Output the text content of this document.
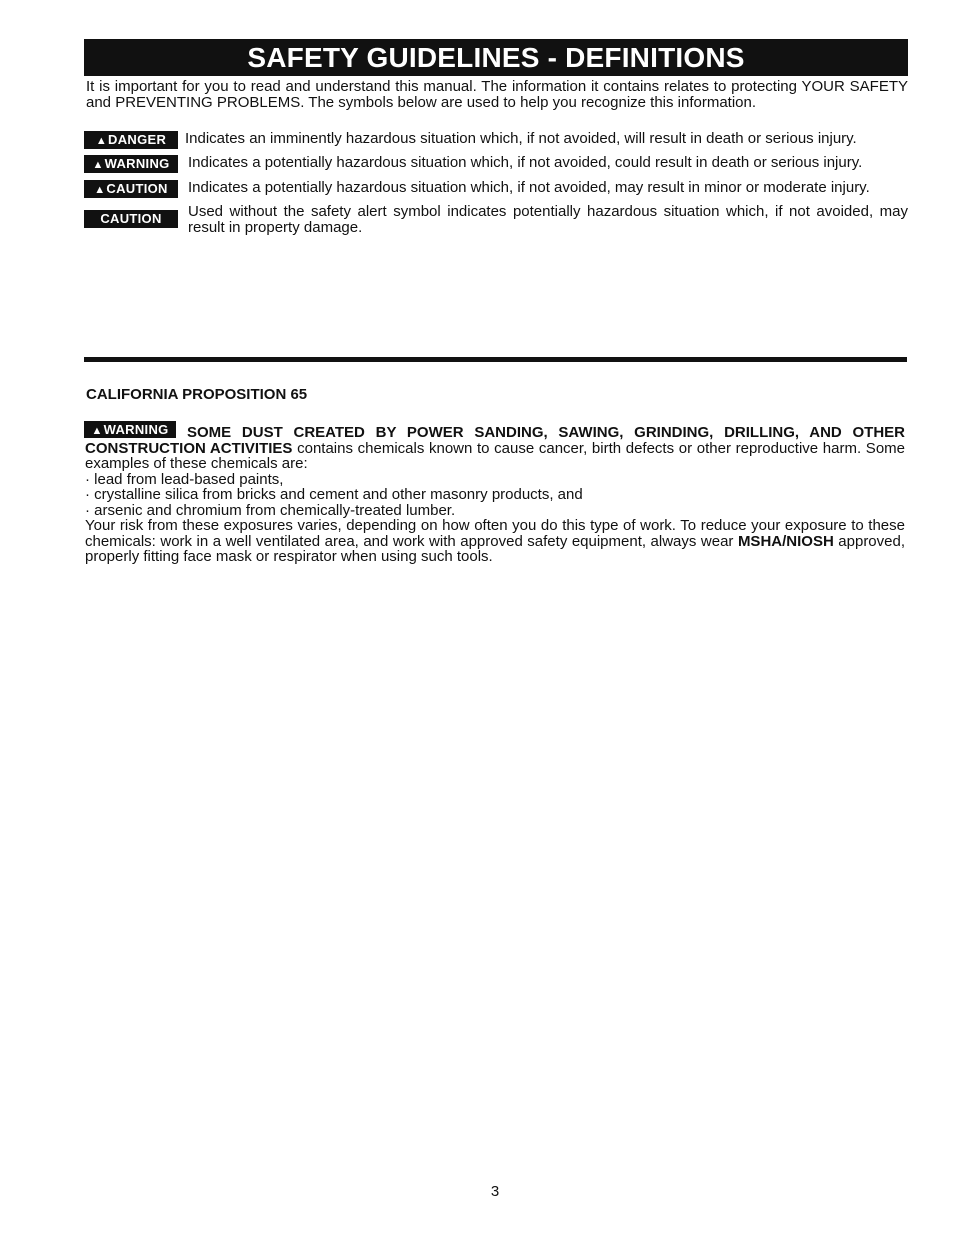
SAFETY GUIDELINES - DEFINITIONS
It is important for you to read and understand this manual. The information it contains relates to protecting YOUR SAFETY and PREVENTING PROBLEMS. The symbols below are used to help you recognize this information.
▲DANGER	Indicates an imminently hazardous situation which, if not avoided, will result in death or serious injury.
▲WARNING	Indicates a potentially hazardous situation which, if not avoided, could result in death or serious injury.
▲CAUTION	Indicates a potentially hazardous situation which, if not avoided, may result in minor or moderate injury.
CAUTION	Used without the safety alert symbol indicates potentially hazardous situation which, if not avoided, may result in property damage.
CALIFORNIA PROPOSITION 65
▲WARNING	SOME DUST CREATED BY POWER SANDING, SAWING, GRINDING, DRILLING, AND OTHER CONSTRUCTION ACTIVITIES contains chemicals known to cause cancer, birth defects or other reproductive harm. Some examples of these chemicals are:

· lead from lead-based paints,

· crystalline silica from bricks and cement and other masonry products, and

· arsenic and chromium from chemically-treated lumber.

Your risk from these exposures varies, depending on how often you do this type of work. To reduce your exposure to these chemicals: work in a well ventilated area, and work with approved safety equipment, always wear MSHA/NIOSH approved, properly fitting face mask or respirator when using such tools.

3
